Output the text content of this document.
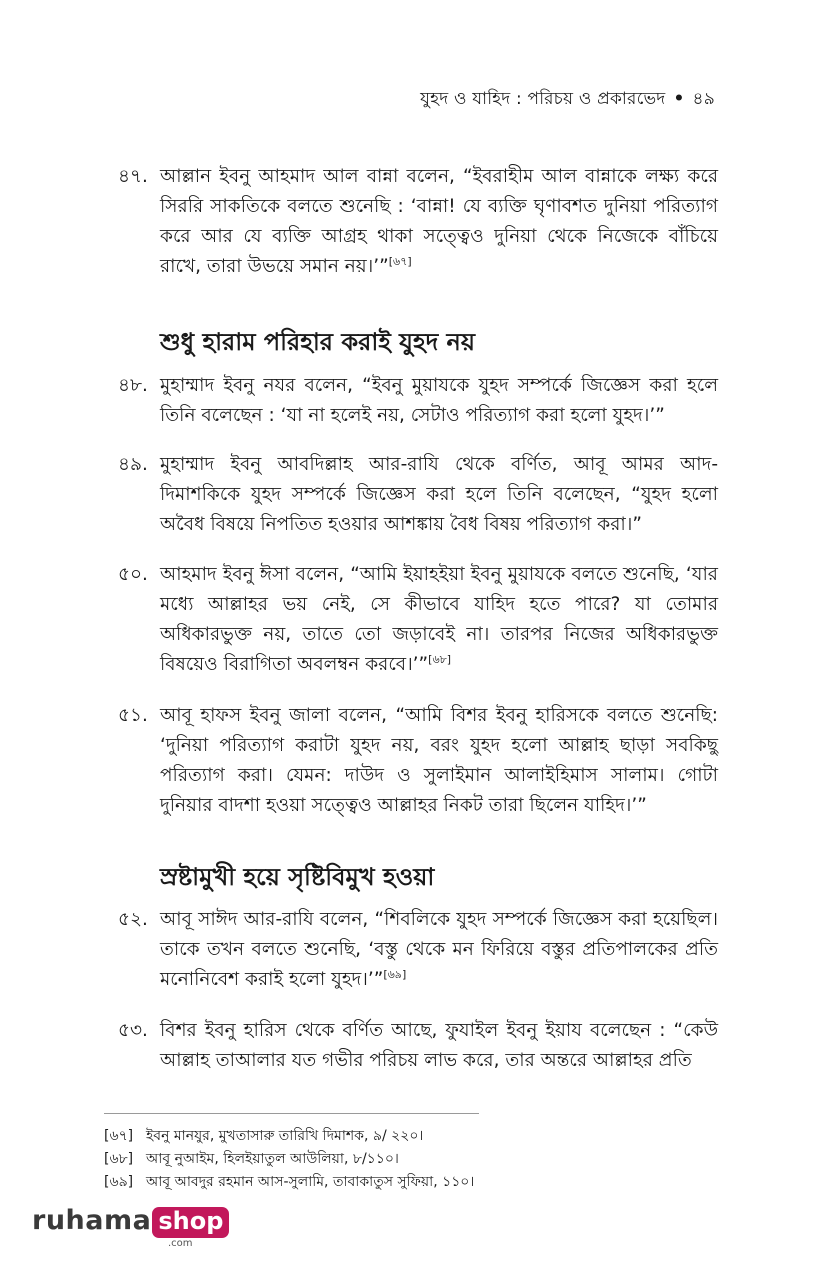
যুহদ ও যাহিদ : পরিচয় ও প্রকারভেদ • ৪৯
৪৭. আল্লান ইবনু আহমাদ আল বান্না বলেন, “ইবরাহীম আল বান্নাকে লক্ষ্য করে সিররি সাকতিকে বলতে শুনেছি : ‘বান্না! যে ব্যক্তি ঘৃণাবশত দুনিয়া পরিত্যাগ করে আর যে ব্যক্তি আগ্রহ থাকা সত্ত্বেও দুনিয়া থেকে নিজেকে বাঁচিয়ে রাখে, তারা উভয়ে সমান নয়।’”[৬৭]
শুধু হারাম পরিহার করাই যুহদ নয়
৪৮. মুহাম্মাদ ইবনু নযর বলেন, “ইবনু মুয়াযকে যুহদ সম্পর্কে জিজ্ঞেস করা হলে তিনি বলেছেন : ‘যা না হলেই নয়, সেটাও পরিত্যাগ করা হলো যুহদ।’”
৪৯. মুহাম্মাদ ইবনু আবদিল্লাহ আর-রাযি থেকে বর্ণিত, আবূ আমর আদ- দিমাশকিকে যুহদ সম্পর্কে জিজ্ঞেস করা হলে তিনি বলেছেন, “যুহদ হলো অবৈধ বিষয়ে নিপতিত হওয়ার আশঙ্কায় বৈধ বিষয় পরিত্যাগ করা।”
৫০. আহমাদ ইবনু ঈসা বলেন, “আমি ইয়াহইয়া ইবনু মুয়াযকে বলতে শুনেছি, ‘যার মধ্যে আল্লাহর ভয় নেই, সে কীভাবে যাহিদ হতে পারে? যা তোমার অধিকারভুক্ত নয়, তাতে তো জড়াবেই না। তারপর নিজের অধিকারভুক্ত বিষয়েও বিরাগিতা অবলম্বন করবে।’”[৬৮]
৫১. আবূ হাফস ইবনু জালা বলেন, “আমি বিশর ইবনু হারিসকে বলতে শুনেছি: ‘দুনিয়া পরিত্যাগ করাটা যুহদ নয়, বরং যুহদ হলো আল্লাহ ছাড়া সবকিছু পরিত্যাগ করা। যেমন: দাউদ ও সুলাইমান আলাইহিমাস সালাম। গোটা দুনিয়ার বাদশা হওয়া সত্ত্বেও আল্লাহর নিকট তারা ছিলেন যাহিদ।’”
স্রষ্টামুখী হয়ে সৃষ্টিবিমুখ হওয়া
৫২. আবূ সাঈদ আর-রাযি বলেন, “শিবলিকে যুহদ সম্পর্কে জিজ্ঞেস করা হয়েছিল। তাকে তখন বলতে শুনেছি, ‘বস্তু থেকে মন ফিরিয়ে বস্তুর প্রতিপালকের প্রতি মনোনিবেশ করাই হলো যুহদ।’”[৬৯]
৫৩. বিশর ইবনু হারিস থেকে বর্ণিত আছে, ফুযাইল ইবনু ইয়ায বলেছেন : “কেউ আল্লাহ তাআলার যত গভীর পরিচয় লাভ করে, তার অন্তরে আল্লাহর প্রতি
[৬৭] ইবনু মানযুর, মুখতাসারু তারিখি দিমাশক, ৯/ ২২০।
[৬৮] আবূ নুআইম, হিলইয়াতুল আউলিয়া, ৮/১১০।
[৬৯] আবূ আবদুর রহমান আস-সুলামি, তাবাকাতুস সুফিয়া, ১১০।
ruhama shop
.com
